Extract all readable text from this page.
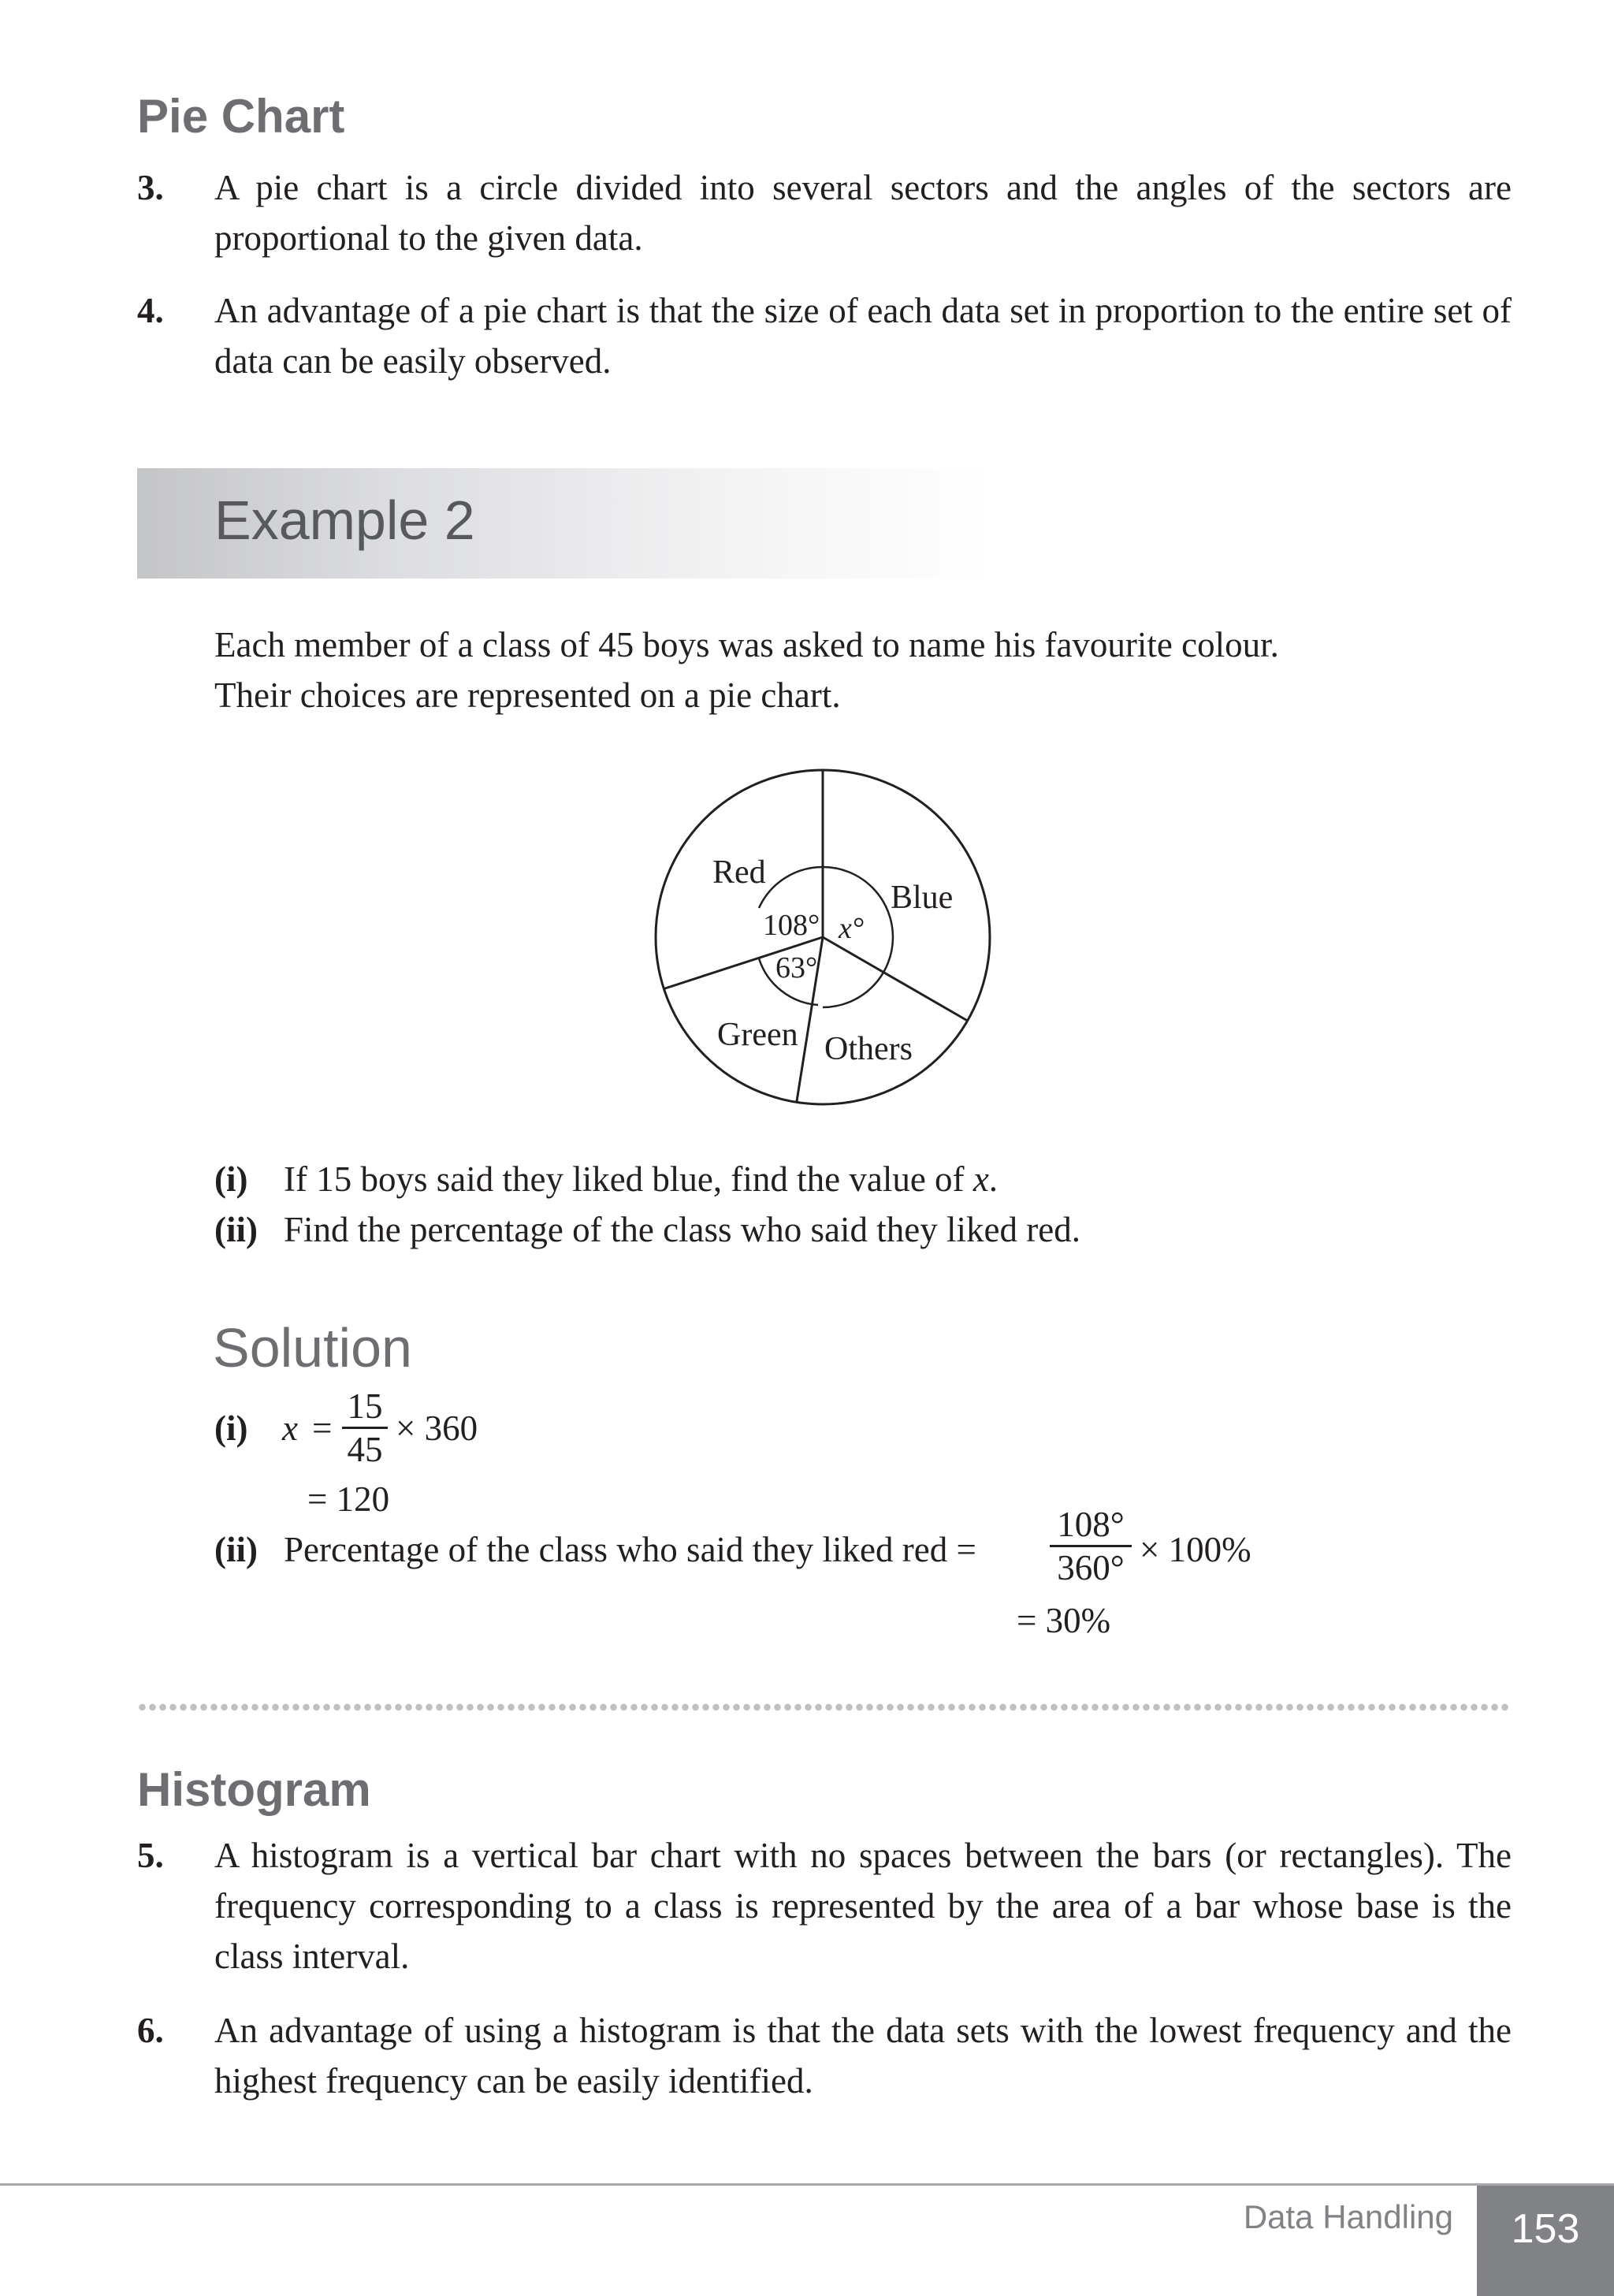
Pie Chart
3. A pie chart is a circle divided into several sectors and the angles of the sectors are proportional to the given data.
4. An advantage of a pie chart is that the size of each data set in proportion to the entire set of data can be easily observed.
Example 2
Each member of a class of 45 boys was asked to name his favourite colour.
Their choices are represented on a pie chart.
Red
Blue
Others
Green
108° x°
63°
(i) If 15 boys said they liked blue, find the value of x.
(ii) Find the percentage of the class who said they liked red.
Solution
(i) $x = \frac{15}{45} \times 360$
= 120
(ii) Percentage of the class who said they liked red = $\frac{108^\circ}{360^\circ} \times 100\%$
= 30%
Histogram
5. A histogram is a vertical bar chart with no spaces between the bars (or rectangles). The frequency corresponding to a class is represented by the area of a bar whose base is the class interval.
6. An advantage of using a histogram is that the data sets with the lowest frequency and the highest frequency can be easily identified.
Data Handling	153
